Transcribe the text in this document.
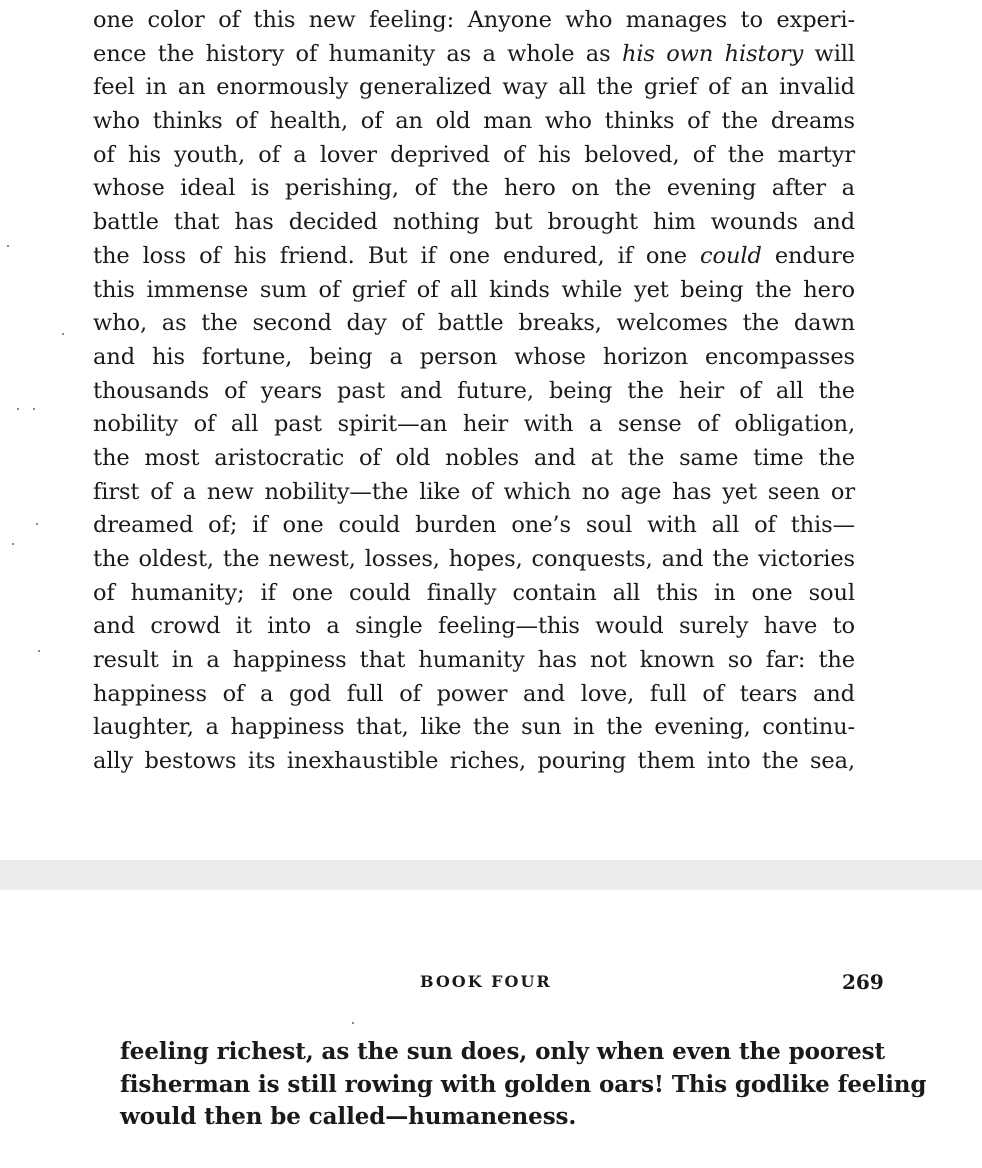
one color of this new feeling: Anyone who manages to experi-
ence the history of humanity as a whole as his own history will
feel in an enormously generalized way all the grief of an invalid
who thinks of health, of an old man who thinks of the dreams
of his youth, of a lover deprived of his beloved, of the martyr
whose ideal is perishing, of the hero on the evening after a
battle that has decided nothing but brought him wounds and
the loss of his friend. But if one endured, if one could endure
this immense sum of grief of all kinds while yet being the hero
who, as the second day of battle breaks, welcomes the dawn
and his fortune, being a person whose horizon encompasses
thousands of years past and future, being the heir of all the
nobility of all past spirit—an heir with a sense of obligation,
the most aristocratic of old nobles and at the same time the
first of a new nobility—the like of which no age has yet seen or
dreamed of; if one could burden one’s soul with all of this—
the oldest, the newest, losses, hopes, conquests, and the victories
of humanity; if one could finally contain all this in one soul
and crowd it into a single feeling—this would surely have to
result in a happiness that humanity has not known so far: the
happiness of a god full of power and love, full of tears and
laughter, a happiness that, like the sun in the evening, continu-
ally bestows its inexhaustible riches, pouring them into the sea,
BOOK FOUR	269
feeling richest, as the sun does, only when even the poorest
fisherman is still rowing with golden oars! This godlike feeling
would then be called—humaneness.
